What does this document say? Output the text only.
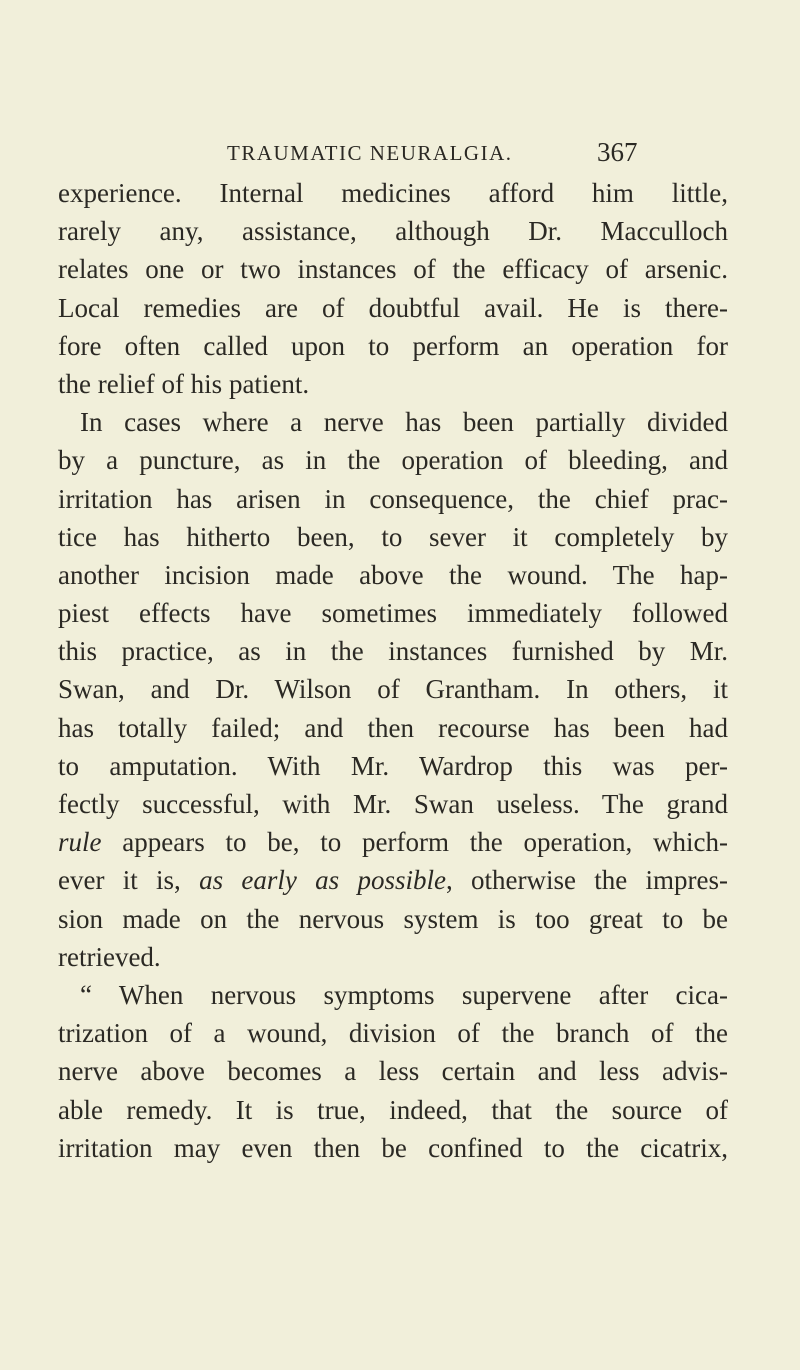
TRAUMATIC NEURALGIA.	367
experience. Internal medicines afford him little,
rarely any, assistance, although Dr. Macculloch
relates one or two instances of the efficacy of arsenic.
Local remedies are of doubtful avail. He is there-
fore often called upon to perform an operation for
the relief of his patient.
In cases where a nerve has been partially divided
by a puncture, as in the operation of bleeding, and
irritation has arisen in consequence, the chief prac-
tice has hitherto been, to sever it completely by
another incision made above the wound. The hap-
piest effects have sometimes immediately followed
this practice, as in the instances furnished by Mr.
Swan, and Dr. Wilson of Grantham. In others, it
has totally failed; and then recourse has been had
to amputation. With Mr. Wardrop this was per-
fectly successful, with Mr. Swan useless. The grand
rule appears to be, to perform the operation, which-
ever it is, as early as possible, otherwise the impres-
sion made on the nervous system is too great to be
retrieved.
“ When nervous symptoms supervene after cica-
trization of a wound, division of the branch of the
nerve above becomes a less certain and less advis-
able remedy. It is true, indeed, that the source of
irritation may even then be confined to the cicatrix,
